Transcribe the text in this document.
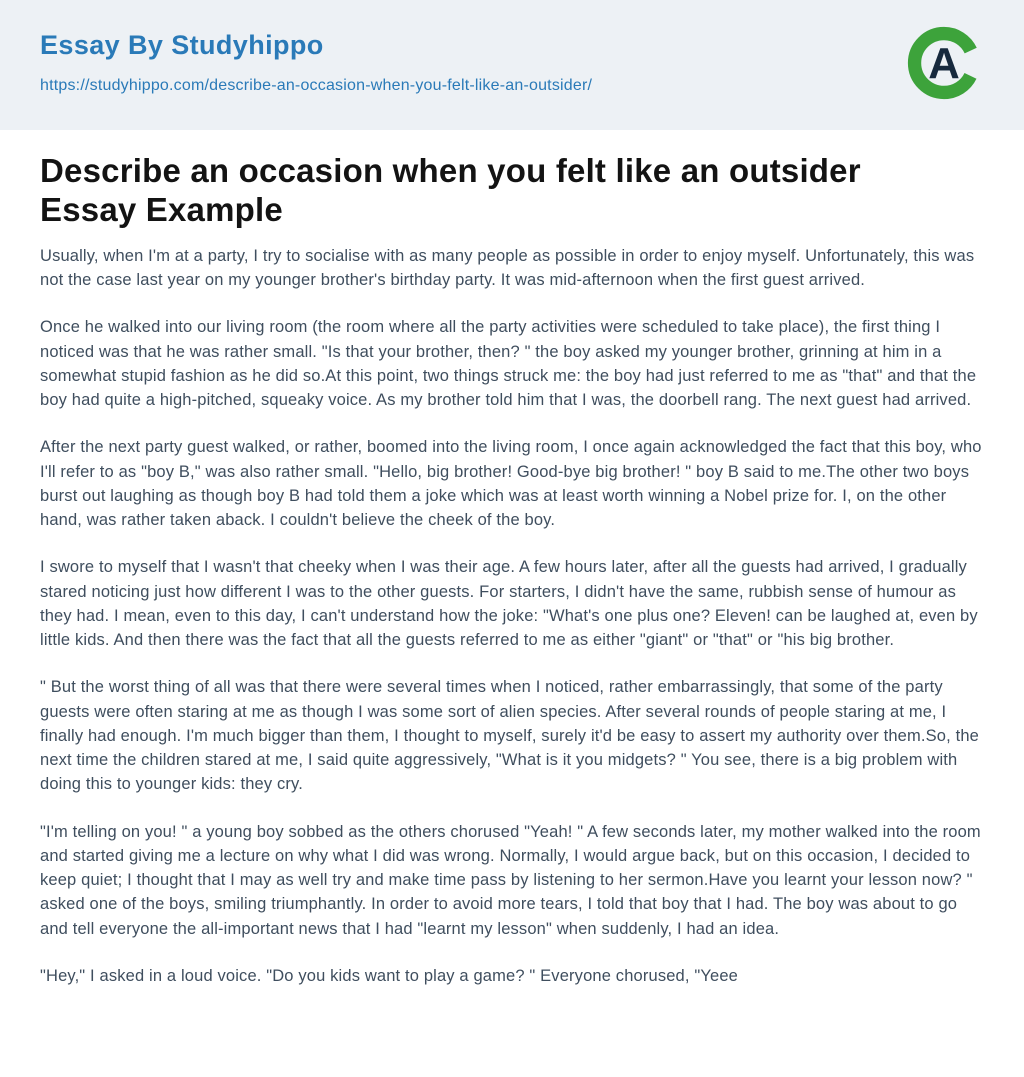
Essay By Studyhippo
https://studyhippo.com/describe-an-occasion-when-you-felt-like-an-outsider/	A
Describe an occasion when you felt like an outsider Essay Example

Usually, when I'm at a party, I try to socialise with as many people as possible in order to enjoy myself. Unfortunately, this was not the case last year on my younger brother's birthday party. It was mid-afternoon when the first guest arrived.

Once he walked into our living room (the room where all the party activities were scheduled to take place), the first thing I noticed was that he was rather small. "Is that your brother, then? " the boy asked my younger brother, grinning at him in a somewhat stupid fashion as he did so.At this point, two things struck me: the boy had just referred to me as "that" and that the boy had quite a high-pitched, squeaky voice. As my brother told him that I was, the doorbell rang. The next guest had arrived.

After the next party guest walked, or rather, boomed into the living room, I once again acknowledged the fact that this boy, who I'll refer to as "boy B," was also rather small. "Hello, big brother! Good-bye big brother! " boy B said to me.The other two boys burst out laughing as though boy B had told them a joke which was at least worth winning a Nobel prize for. I, on the other hand, was rather taken aback. I couldn't believe the cheek of the boy.

I swore to myself that I wasn't that cheeky when I was their age. A few hours later, after all the guests had arrived, I gradually stared noticing just how different I was to the other guests. For starters, I didn't have the same, rubbish sense of humour as they had. I mean, even to this day, I can't understand how the joke: "What's one plus one? Eleven! can be laughed at, even by little kids. And then there was the fact that all the guests referred to me as either "giant" or "that" or "his big brother.

" But the worst thing of all was that there were several times when I noticed, rather embarrassingly, that some of the party guests were often staring at me as though I was some sort of alien species. After several rounds of people staring at me, I finally had enough. I'm much bigger than them, I thought to myself, surely it'd be easy to assert my authority over them.So, the next time the children stared at me, I said quite aggressively, "What is it you midgets? " You see, there is a big problem with doing this to younger kids: they cry.

"I'm telling on you! " a young boy sobbed as the others chorused "Yeah! " A few seconds later, my mother walked into the room and started giving me a lecture on why what I did was wrong. Normally, I would argue back, but on this occasion, I decided to keep quiet; I thought that I may as well try and make time pass by listening to her sermon.Have you learnt your lesson now? " asked one of the boys, smiling triumphantly. In order to avoid more tears, I told that boy that I had. The boy was about to go and tell everyone the all-important news that I had "learnt my lesson" when suddenly, I had an idea.

"Hey," I asked in a loud voice. "Do you kids want to play a game? " Everyone chorused, "Yeee
